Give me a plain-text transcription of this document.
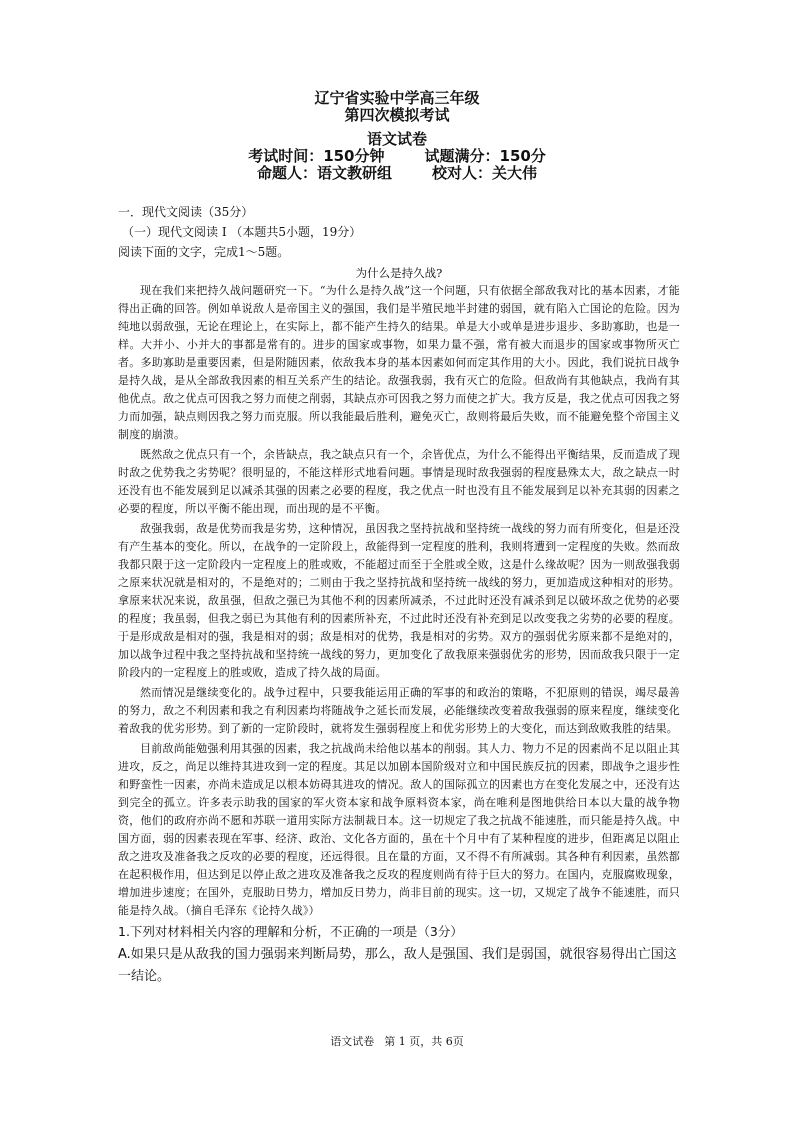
辽宁省实验中学高三年级
第四次模拟考试
语文试卷
考试时间：150分钟	试题满分：150分
命题人：语文教研组	校对人：关大伟
一．现代文阅读（35分）
（一）现代文阅读 I （本题共5小题，19分）
阅读下面的文字，完成1～5题。
为什么是持久战?

现在我们来把持久战问题研究一下。“为什么是持久战”这一个问题，只有依据全部敌我对比的基本因素，才能得出正确的回答。例如单说敌人是帝国主义的强国，我们是半殖民地半封建的弱国，就有陷入亡国论的危险。因为纯地以弱敌强，无论在理论上，在实际上，都不能产生持久的结果。单是大小或单是进步退步、多助寡助，也是一样。大并小、小并大的事都是常有的。进步的国家或事物，如果力量不强，常有被大而退步的国家或事物所灭亡者。多助寡助是重要因素，但是附随因素，依敌我本身的基本因素如何而定其作用的大小。因此，我们说抗日战争是持久战，是从全部敌我因素的相互关系产生的结论。敌强我弱，我有灭亡的危险。但敌尚有其他缺点，我尚有其他优点。敌之优点可因我之努力而使之削弱，其缺点亦可因我之努力而使之扩大。我方反是，我之优点可因我之努力而加强，缺点则因我之努力而克服。所以我能最后胜利，避免灭亡，敌则将最后失败，而不能避免整个帝国主义制度的崩溃。

既然敌之优点只有一个，余皆缺点，我之缺点只有一个，余皆优点，为什么不能得出平衡结果，反而造成了现时敌之优势我之劣势呢？很明显的，不能这样形式地看问题。事情是现时敌我强弱的程度悬殊太大，敌之缺点一时还没有也不能发展到足以减杀其强的因素之必要的程度，我之优点一时也没有且不能发展到足以补充其弱的因素之必要的程度，所以平衡不能出现，而出现的是不平衡。

敌强我弱，敌是优势而我是劣势，这种情况，虽因我之坚持抗战和坚持统一战线的努力而有所变化，但是还没有产生基本的变化。所以，在战争的一定阶段上，敌能得到一定程度的胜利，我则将遭到一定程度的失败。然而敌我都只限于这一定阶段内一定程度上的胜或败，不能超过而至于全胜或全败，这是什么缘故呢？因为一则敌强我弱之原来状况就是相对的，不是绝对的；二则由于我之坚持抗战和坚持统一战线的努力，更加造成这种相对的形势。拿原来状况来说，敌虽强，但敌之强已为其他不利的因素所减杀，不过此时还没有减杀到足以破坏敌之优势的必要的程度；我虽弱，但我之弱已为其他有利的因素所补充，不过此时还没有补充到足以改变我之劣势的必要的程度。于是形成敌是相对的强，我是相对的弱；敌是相对的优势，我是相对的劣势。双方的强弱优劣原来都不是绝对的，加以战争过程中我之坚持抗战和坚持统一战线的努力，更加变化了敌我原来强弱优劣的形势，因而敌我只限于一定阶段内的一定程度上的胜或败，造成了持久战的局面。

然而情况是继续变化的。战争过程中，只要我能运用正确的军事的和政治的策略，不犯原则的错误，竭尽最善的努力，敌之不利因素和我之有利因素均将随战争之延长而发展，必能继续改变着敌我强弱的原来程度，继续变化着敌我的优劣形势。到了新的一定阶段时，就将发生强弱程度上和优劣形势上的大变化，而达到敌败我胜的结果。

目前敌尚能勉强利用其强的因素，我之抗战尚未给他以基本的削弱。其人力、物力不足的因素尚不足以阻止其进攻，反之，尚足以维持其进攻到一定的程度。其足以加剧本国阶级对立和中国民族反抗的因素，即战争之退步性和野蛮性一因素，亦尚未造成足以根本妨碍其进攻的情况。敌人的国际孤立的因素也方在变化发展之中，还没有达到完全的孤立。许多表示助我的国家的军火资本家和战争原料资本家，尚在唯利是图地供给日本以大量的战争物资，他们的政府亦尚不愿和苏联一道用实际方法制裁日本。这一切规定了我之抗战不能速胜，而只能是持久战。中国方面，弱的因素表现在军事、经济、政治、文化各方面的，虽在十个月中有了某种程度的进步，但距离足以阻止敌之进攻及准备我之反攻的必要的程度，还远得很。且在量的方面，又不得不有所减弱。其各种有利因素，虽然都在起积极作用，但达到足以停止敌之进攻及准备我之反攻的程度则尚有待于巨大的努力。在国内，克服腐败现象，增加进步速度；在国外，克服助日势力，增加反日势力，尚非目前的现实。这一切，又规定了战争不能速胜，而只能是持久战。（摘自毛泽东《论持久战》）

1.下列对材料相关内容的理解和分析，不正确的一项是（3分）

A.如果只是从敌我的国力强弱来判断局势，那么，敌人是强国、我们是弱国，就很容易得出亡国这一结论。

语文试卷 第 1 页，共 6页
